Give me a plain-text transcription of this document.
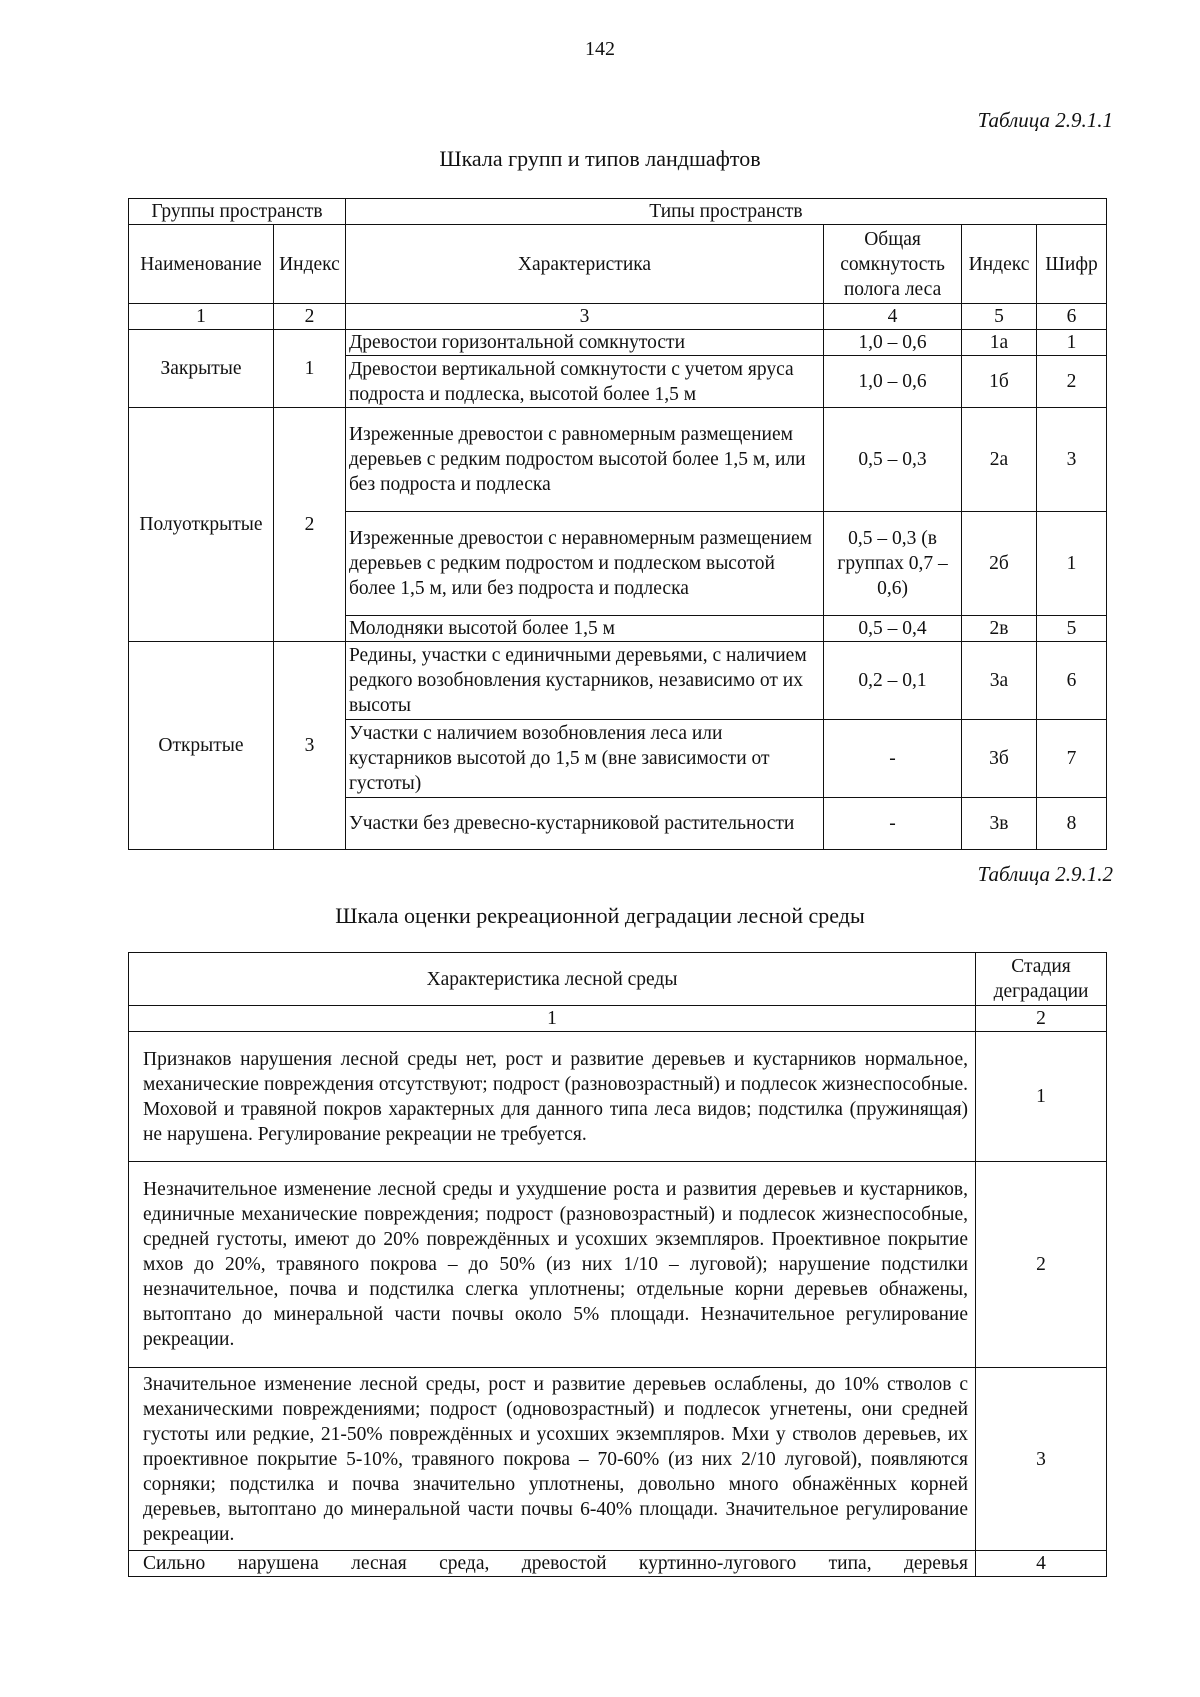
142
Таблица 2.9.1.1
Шкала групп и типов ландшафтов
Группы пространств		Типы пространств			
Наименование	Индекс	Характеристика	Общая сомкнутость полога леса	Индекс	Шифр
1	2	3	4	5	6
Закрытые	1	Древостои горизонтальной сомкнутости	1,0 – 0,6	1а	1
		Древостои вертикальной сомкнутости с учетом яруса подроста и подлеска, высотой более 1,5 м	1,0 – 0,6	1б	2
Полуоткрытые	2	Изреженные древостои с равномерным размещением деревьев с редким подростом высотой более 1,5 м, или без подроста и подлеска	0,5 – 0,3	2а	3
		Изреженные древостои с неравномерным размещением деревьев с редким подростом и подлеском высотой более 1,5 м, или без подроста и подлеска	0,5 – 0,3 (в группах 0,7 – 0,6)	2б	1
		Молодняки высотой более 1,5 м	0,5 – 0,4	2в	5
Открытые	3	Редины, участки с единичными деревьями, с наличием редкого возобновления кустарников, независимо от их высоты	0,2 – 0,1	3а	6
		Участки с наличием возобновления леса или кустарников высотой до 1,5 м (вне зависимости от густоты)	-	3б	7
		Участки без древесно-кустарниковой растительности	-	3в	8
Таблица 2.9.1.2
Шкала оценки рекреационной деградации лесной среды
Характеристика лесной среды	Стадия деградации
1	2
Признаков нарушения лесной среды нет, рост и развитие деревьев и кустарников нормальное, механические повреждения отсутствуют; подрост (разновозрастный) и подлесок жизнеспособные. Моховой и травяной покров характерных для данного типа леса видов; подстилка (пружинящая) не нарушена. Регулирование рекреации не требуется.	1
Незначительное изменение лесной среды и ухудшение роста и развития деревьев и кустарников, единичные механические повреждения; подрост (разновозрастный) и подлесок жизнеспособные, средней густоты, имеют до 20% повреждённых и усохших экземпляров. Проективное покрытие мхов до 20%, травяного покрова – до 50% (из них 1/10 – луговой); нарушение подстилки незначительное, почва и подстилка слегка уплотнены; отдельные корни деревьев обнажены, вытоптано до минеральной части почвы около 5% площади. Незначительное регулирование рекреации.	2
Значительное изменение лесной среды, рост и развитие деревьев ослаблены, до 10% стволов с механическими повреждениями; подрост (одновозрастный) и подлесок угнетены, они средней густоты или редкие, 21-50% повреждённых и усохших экземпляров. Мхи у стволов деревьев, их проективное покрытие 5-10%, травяного покрова – 70-60% (из них 2/10 луговой), появляются сорняки; подстилка и почва значительно уплотнены, довольно много обнажённых корней деревьев, вытоптано до минеральной части почвы 6-40% площади. Значительное регулирование рекреации.	3
Сильно нарушена лесная среда, древостой куртинно-лугового типа, деревья	4
